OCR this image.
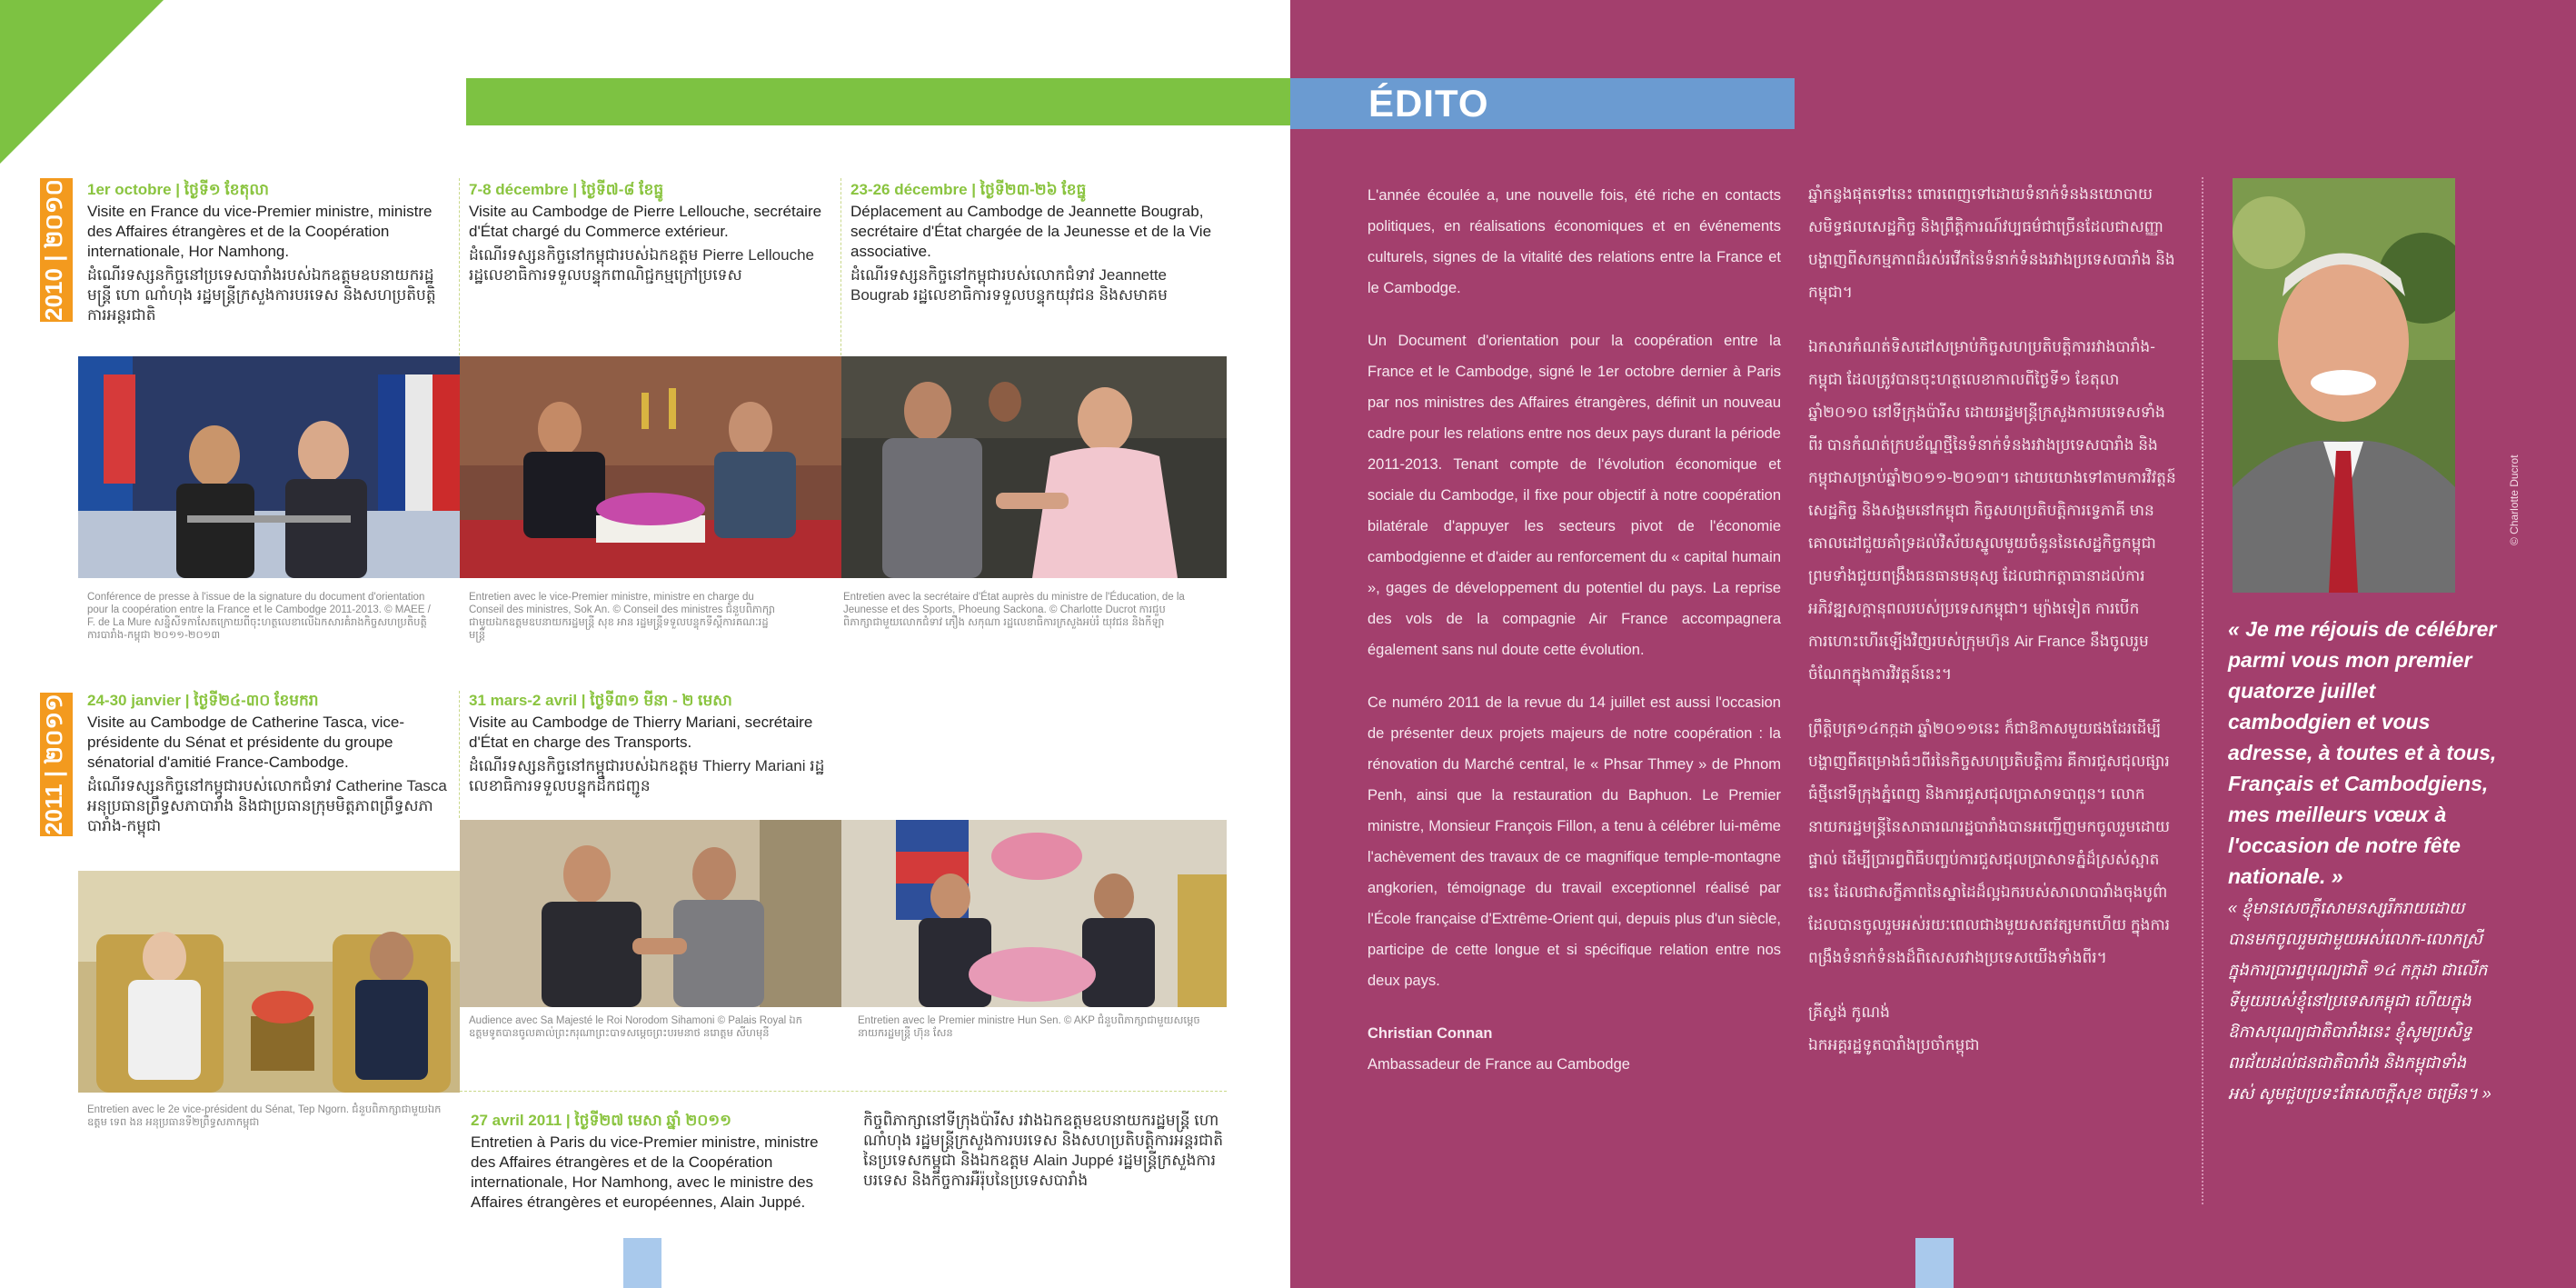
2010 | ២០១០
2011 | ២០១១
1er octobre | ថ្ងៃទី១ ខែតុលា
Visite en France du vice-Premier ministre, ministre des Affaires étrangères et de la Coopération internationale, Hor Namhong.
ដំណើរទស្សនកិច្ចនៅប្រទេសបារាំងរបស់ឯកឧត្តមឧបនាយករដ្ឋមន្ត្រី ហោ ណាំហុង រដ្ឋមន្ត្រីក្រសួងការបរទេស និងសហប្រតិបត្តិការអន្តរជាតិ
7-8 décembre | ថ្ងៃទី៧-៨ ខែធ្នូ
Visite au Cambodge de Pierre Lellouche, secrétaire d'État chargé du Commerce extérieur.
ដំណើរទស្សនកិច្ចនៅកម្ពុជារបស់ឯកឧត្តម Pierre Lellouche រដ្ឋលេខាធិការទទួលបន្ទុកពាណិជ្ជកម្មក្រៅប្រទេស
23-26 décembre | ថ្ងៃទី២៣-២៦ ខែធ្នូ
Déplacement au Cambodge de Jeannette Bougrab, secrétaire d'État chargée de la Jeunesse et de la Vie associative.
ដំណើរទស្សនកិច្ចនៅកម្ពុជារបស់លោកជំទាវ Jeannette Bougrab រដ្ឋលេខាធិការទទួលបន្ទុកយុវជន និងសមាគម
Conférence de presse à l'issue de la signature du document d'orientation pour la coopération entre la France et le Cambodge 2011-2013. © MAEE / F. de La Mure សន្និសីទកាសែតក្រោយពីចុះហត្ថលេខាលើឯកសារគំរាងកិច្ចសហប្រតិបត្តិការបារាំង-កម្ពុជា ២០១១-២០១៣
Entretien avec le vice-Premier ministre, ministre en charge du Conseil des ministres, Sok An. © Conseil des ministres ជំនួបពិភាក្សាជាមួយឯកឧត្តមឧបនាយករដ្ឋមន្ត្រី សុខ អាន រដ្ឋមន្ត្រីទទួលបន្ទុកទីស្តីការគណៈរដ្ឋមន្ត្រី
Entretien avec la secrétaire d'État auprès du ministre de l'Éducation, de la Jeunesse et des Sports, Phoeung Sackona. © Charlotte Ducrot ការជួបពិភាក្សាជាមួយលោកជំទាវ ភឿង សកុណា រដ្ឋលេខាធិការក្រសួងអប់រំ យុវជន និងកីឡា
24-30 janvier | ថ្ងៃទី២៤-៣០ ខែមករា
Visite au Cambodge de Catherine Tasca, vice-présidente du Sénat et présidente du groupe sénatorial d'amitié France-Cambodge.
ដំណើរទស្សនកិច្ចនៅកម្ពុជារបស់លោកជំទាវ Catherine Tasca អនុប្រធានព្រឹទ្ធសភាបារាំង និងជាប្រធានក្រុមមិត្តភាពព្រឹទ្ធសភាបារាំង-កម្ពុជា
31 mars-2 avril | ថ្ងៃទី៣១ មីនា - ២ មេសា
Visite au Cambodge de Thierry Mariani, secrétaire d'État en charge des Transports.
ដំណើរទស្សនកិច្ចនៅកម្ពុជារបស់ឯកឧត្តម Thierry Mariani រដ្ឋលេខាធិការទទួលបន្ទុកដឹកជញ្ជូន
Entretien avec le 2e vice-président du Sénat, Tep Ngorn. ជំនួបពិភាក្សាជាមួយឯកឧត្តម ទេព ងន អនុប្រធានទី២ព្រឹទ្ធសភាកម្ពុជា
Audience avec Sa Majesté le Roi Norodom Sihamoni © Palais Royal ឯកឧត្តមទូតបានចូលគាល់ព្រះករុណាព្រះបាទសម្តេចព្រះបរមនាថ នរោត្តម សីហមុនី
Entretien avec le Premier ministre Hun Sen. © AKP ជំនួបពិភាក្សាជាមួយសម្តេចនាយករដ្ឋមន្ត្រី ហ៊ុន សែន
27 avril 2011 | ថ្ងៃទី២៧ មេសា ឆ្នាំ ២០១១
Entretien à Paris du vice-Premier ministre, ministre des Affaires étrangères et de la Coopération internationale, Hor Namhong, avec le ministre des Affaires étrangères et européennes, Alain Juppé.
កិច្ចពិភាក្សានៅទីក្រុងប៉ារីស រវាងឯកឧត្តមឧបនាយករដ្ឋមន្ត្រី ហោ ណាំហុង រដ្ឋមន្ត្រីក្រសួងការបរទេស និងសហប្រតិបត្តិការអន្តរជាតិនៃប្រទេសកម្ពុជា និងឯកឧត្តម Alain Juppé រដ្ឋមន្ត្រីក្រសួងការបរទេស និងកិច្ចការអឺរ៉ុបនៃប្រទេសបារាំង
ÉDITO

L'année écoulée a, une nouvelle fois, été riche en contacts politiques, en réalisations économiques et en événements culturels, signes de la vitalité des relations entre la France et le Cambodge.

Un Document d'orientation pour la coopération entre la France et le Cambodge, signé le 1er octobre dernier à Paris par nos ministres des Affaires étrangères, définit un nouveau cadre pour les relations entre nos deux pays durant la période 2011-2013. Tenant compte de l'évolution économique et sociale du Cambodge, il fixe pour objectif à notre coopération bilatérale d'appuyer les secteurs pivot de l'économie cambodgienne et d'aider au renforcement du « capital humain », gages de développement du potentiel du pays. La reprise des vols de la compagnie Air France accompagnera également sans nul doute cette évolution.

Ce numéro 2011 de la revue du 14 juillet est aussi l'occasion de présenter deux projets majeurs de notre coopération : la rénovation du Marché central, le « Phsar Thmey » de Phnom Penh, ainsi que la restauration du Baphuon. Le Premier ministre, Monsieur François Fillon, a tenu à célébrer lui-même l'achèvement des travaux de ce magnifique temple-montagne angkorien, témoignage du travail exceptionnel réalisé par l'École française d'Extrême-Orient qui, depuis plus d'un siècle, participe de cette longue et si spécifique relation entre nos deux pays.

Christian Connan
Ambassadeur de France au Cambodge

ឆ្នាំកន្លងផុតទៅនេះ ពោរពេញទៅដោយទំនាក់ទំនងនយោបាយ សមិទ្ធផលសេដ្ឋកិច្ច និងព្រឹត្តិការណ៍វប្បធម៌ជាច្រើនដែលជាសញ្ញាបង្ហាញពីសកម្មភាពដ៏រស់រវើកនៃទំនាក់ទំនងរវាងប្រទេសបារាំង និងកម្ពុជា។

ឯកសារកំណត់ទិសដៅសម្រាប់កិច្ចសហប្រតិបត្តិការរវាងបារាំង-កម្ពុជា ដែលត្រូវបានចុះហត្ថលេខាកាលពីថ្ងៃទី១ ខែតុលា ឆ្នាំ២០១០ នៅទីក្រុងប៉ារីស ដោយរដ្ឋមន្ត្រីក្រសួងការបរទេសទាំងពីរ បានកំណត់ក្របខ័ណ្ឌថ្មីនៃទំនាក់ទំនងរវាងប្រទេសបារាំង និងកម្ពុជាសម្រាប់ឆ្នាំ២០១១-២០១៣។ ដោយយោងទៅតាមការវិវត្តន៍សេដ្ឋកិច្ច និងសង្គមនៅកម្ពុជា កិច្ចសហប្រតិបត្តិការទ្វេភាគី មានគោលដៅជួយគាំទ្រដល់វិស័យស្នូលមួយចំនួននៃសេដ្ឋកិច្ចកម្ពុជា ព្រមទាំងជួយពង្រឹងធនធានមនុស្ស ដែលជាកត្តាធានាដល់ការអភិវឌ្ឍសក្តានុពលរបស់ប្រទេសកម្ពុជា។ ម្យ៉ាងទៀត ការបើកការហោះហើរឡើងវិញរបស់ក្រុមហ៊ុន Air France នឹងចូលរួមចំណែកក្នុងការវិវត្តន៍នេះ។

ព្រឹត្តិបត្រ១៤កក្កដា ឆ្នាំ២០១១នេះ ក៏ជាឱកាសមួយផងដែរដើម្បីបង្ហាញពីគម្រោងធំៗពីរនៃកិច្ចសហប្រតិបត្តិការ គឺការជួសជុលផ្សារធំថ្មីនៅទីក្រុងភ្នំពេញ និងការជួសជុលប្រាសាទបាពួន។ លោកនាយករដ្ឋមន្ត្រីនៃសាធារណរដ្ឋបារាំងបានអញ្ជើញមកចូលរួមដោយផ្ទាល់ ដើម្បីប្រារព្ធពិធីបញ្ចប់ការជួសជុលប្រាសាទភ្នំដ៏ស្រស់ស្អាតនេះ ដែលជាសក្ខីភាពនៃស្នាដៃដ៏ល្អឯករបស់សាលាបារាំងចុងបូព៌ា ដែលបានចូលរួមអស់រយៈពេលជាងមួយសតវត្សមកហើយ ក្នុងការពង្រឹងទំនាក់ទំនងដ៏ពិសេសរវាងប្រទេសយើងទាំងពីរ។

គ្រីស្ទង់ កូណង់
ឯកអគ្គរដ្ឋទូតបារាំងប្រចាំកម្ពុជា
© Charlotte Ducrot
« Je me réjouis de célébrer parmi vous mon premier quatorze juillet cambodgien et vous adresse, à toutes et à tous, Français et Cambodgiens, mes meilleurs vœux à l'occasion de notre fête nationale. »
« ខ្ញុំមានសេចក្តីសោមនស្សរីករាយដោយបានមកចូលរួមជាមួយអស់លោក-លោកស្រីក្នុងការប្រារព្ធបុណ្យជាតិ ១៤ កក្កដា ជាលើកទីមួយរបស់ខ្ញុំនៅប្រទេសកម្ពុជា ហើយក្នុងឱកាសបុណ្យជាតិបារាំងនេះ ខ្ញុំសូមប្រសិទ្ធពរជ័យដល់ជនជាតិបារាំង និងកម្ពុជាទាំងអស់ សូមជួបប្រទះតែសេចក្តីសុខ ចម្រើន។ »
